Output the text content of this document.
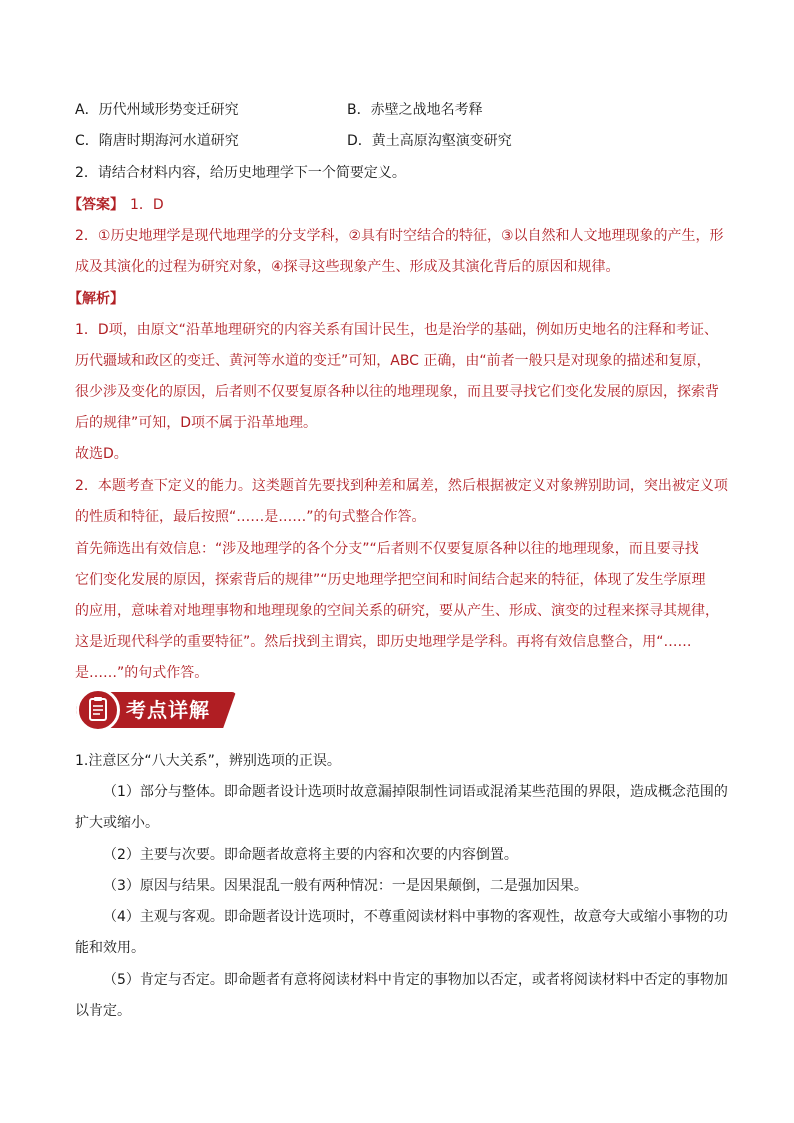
A．历代州域形势变迁研究	B．赤壁之战地名考释
C．隋唐时期海河水道研究	D．黄土高原沟壑演变研究
2．请结合材料内容，给历史地理学下一个简要定义。
【答案】 1．D
2．①历史地理学是现代地理学的分支学科，②具有时空结合的特征，③以自然和人文地理现象的产生，形
成及其演化的过程为研究对象，④探寻这些现象产生、形成及其演化背后的原因和规律。
【解析】
1．D项，由原文“沿革地理研究的内容关系有国计民生，也是治学的基础，例如历史地名的注释和考证、
历代疆域和政区的变迁、黄河等水道的变迁”可知，ABC 正确，由“前者一般只是对现象的描述和复原，
很少涉及变化的原因，后者则不仅要复原各种以往的地理现象，而且要寻找它们变化发展的原因，探索背
后的规律”可知，D项不属于沿革地理。
故选D。
2．本题考查下定义的能力。这类题首先要找到种差和属差，然后根据被定义对象辨别助词，突出被定义项
的性质和特征，最后按照“……是……”的句式整合作答。
首先筛选出有效信息：“涉及地理学的各个分支”“后者则不仅要复原各种以往的地理现象，而且要寻找
它们变化发展的原因，探索背后的规律”“历史地理学把空间和时间结合起来的特征，体现了发生学原理
的应用，意味着对地理事物和地理现象的空间关系的研究，要从产生、形成、演变的过程来探寻其规律，
这是近现代科学的重要特征”。然后找到主谓宾，即历史地理学是学科。再将有效信息整合，用“……
是……”的句式作答。
考点详解
1.注意区分“八大关系”，辨别选项的正误。
（1）部分与整体。即命题者设计选项时故意漏掉限制性词语或混淆某些范围的界限，造成概念范围的
扩大或缩小。
（2）主要与次要。即命题者故意将主要的内容和次要的内容倒置。
（3）原因与结果。因果混乱一般有两种情况：一是因果颠倒，二是强加因果。
（4）主观与客观。即命题者设计选项时，不尊重阅读材料中事物的客观性，故意夸大或缩小事物的功
能和效用。
（5）肯定与否定。即命题者有意将阅读材料中肯定的事物加以否定，或者将阅读材料中否定的事物加
以肯定。
